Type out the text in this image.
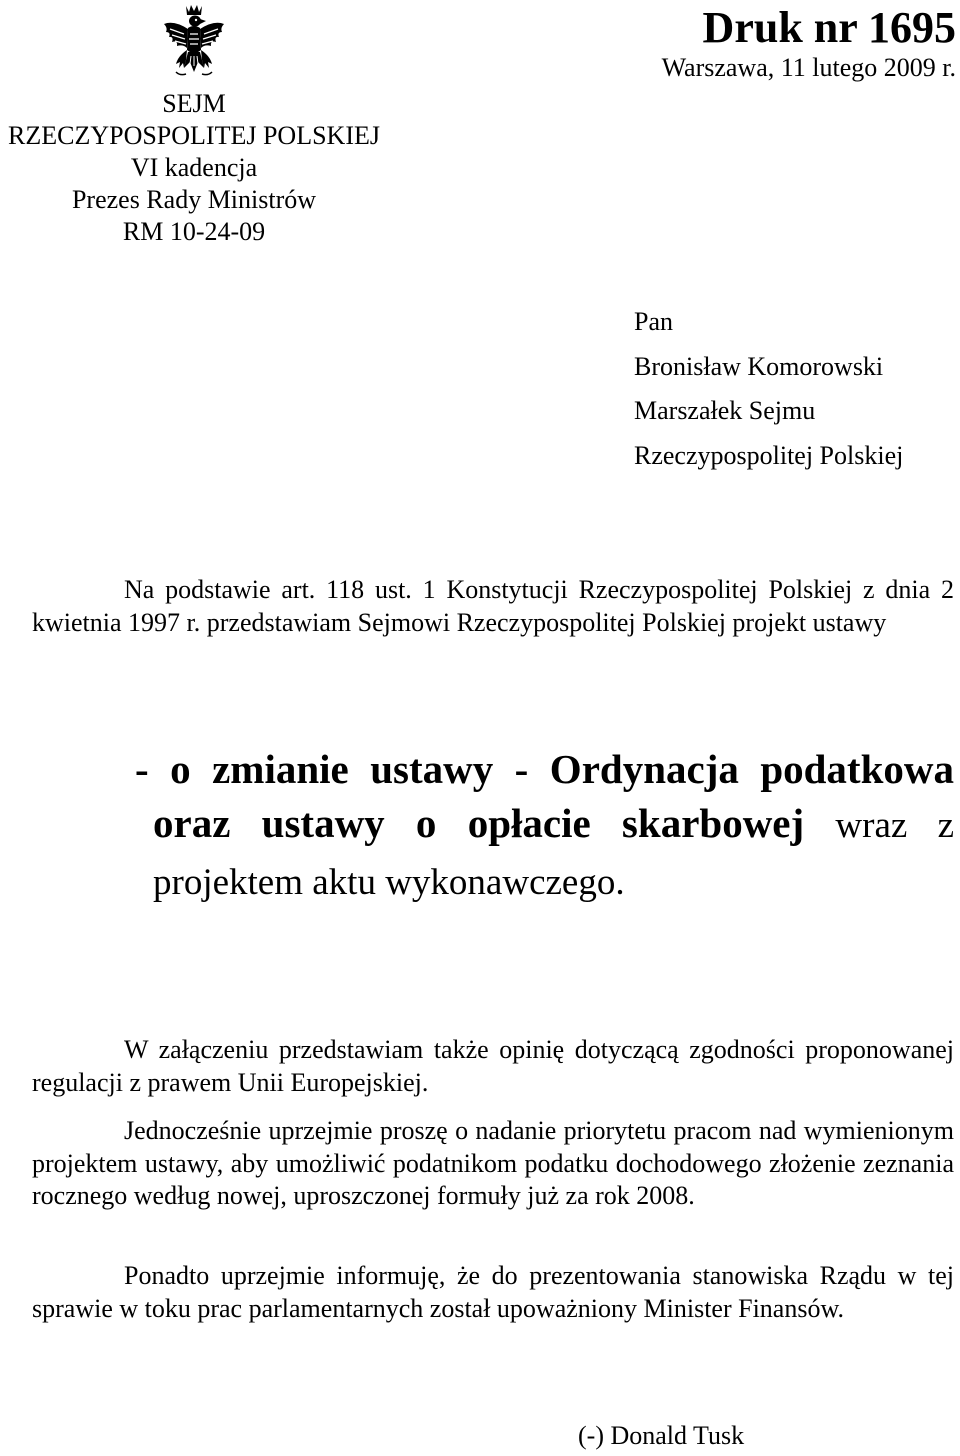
SEJM
RZECZYPOSPOLITEJ POLSKIEJ
VI kadencja
Prezes Rady Ministrów
RM 10-24-09
Druk nr 1695
Warszawa, 11 lutego 2009 r.
Pan
Bronisław Komorowski
Marszałek Sejmu
Rzeczypospolitej Polskiej
Na podstawie art. 118 ust. 1 Konstytucji Rzeczypospolitej Polskiej z dnia 2 kwietnia 1997 r. przedstawiam Sejmowi Rzeczypospolitej Polskiej projekt ustawy
- o zmianie ustawy - Ordynacja podatkowa oraz ustawy o opłacie skarbowej wraz z projektem aktu wykonawczego.
W załączeniu przedstawiam także opinię dotyczącą zgodności proponowanej regulacji z prawem Unii Europejskiej.
Jednocześnie uprzejmie proszę o nadanie priorytetu pracom nad wymienionym projektem ustawy, aby umożliwić podatnikom podatku dochodowego złożenie zeznania rocznego według nowej, uproszczonej formuły już za rok 2008.
Ponadto uprzejmie informuję, że do prezentowania stanowiska Rządu w tej sprawie w toku prac parlamentarnych został upoważniony Minister Finansów.
(-) Donald Tusk
